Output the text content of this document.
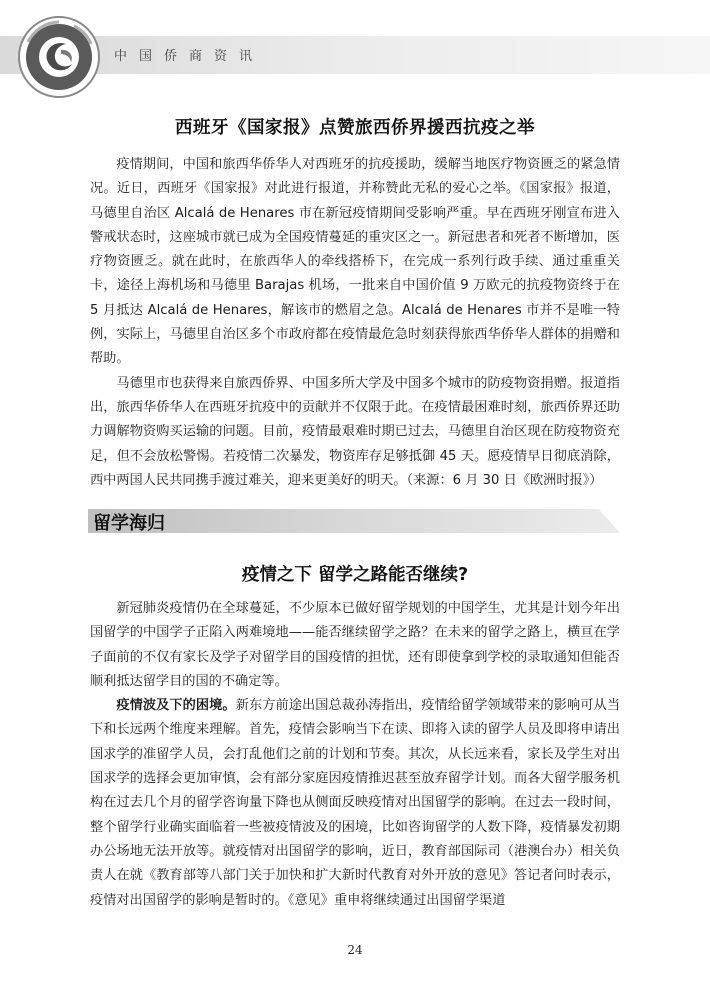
中国侨商资讯
西班牙《国家报》点赞旅西侨界援西抗疫之举

疫情期间，中国和旅西华侨华人对西班牙的抗疫援助，缓解当地医疗物资匮乏的紧急情况。近日，西班牙《国家报》对此进行报道，并称赞此无私的爱心之举。《国家报》报道，马德里自治区 Alcalá de Henares 市在新冠疫情期间受影响严重。早在西班牙刚宣布进入警戒状态时，这座城市就已成为全国疫情蔓延的重灾区之一。新冠患者和死者不断增加，医疗物资匮乏。就在此时，在旅西华人的牵线搭桥下，在完成一系列行政手续、通过重重关卡，途径上海机场和马德里 Barajas 机场，一批来自中国价值 9 万欧元的抗疫物资终于在 5 月抵达 Alcalá de Henares，解该市的燃眉之急。Alcalá de Henares 市并不是唯一特例，实际上，马德里自治区多个市政府都在疫情最危急时刻获得旅西华侨华人群体的捐赠和帮助。

马德里市也获得来自旅西侨界、中国多所大学及中国多个城市的防疫物资捐赠。报道指出，旅西华侨华人在西班牙抗疫中的贡献并不仅限于此。在疫情最困难时刻，旅西侨界还助力调解物资购买运输的问题。目前，疫情最艰难时期已过去，马德里自治区现在防疫物资充足，但不会放松警惕。若疫情二次暴发，物资库存足够抵御 45 天。愿疫情早日彻底消除，西中两国人民共同携手渡过难关，迎来更美好的明天。（来源：6 月 30 日《欧洲时报》）

留学海归
疫情之下 留学之路能否继续?

新冠肺炎疫情仍在全球蔓延，不少原本已做好留学规划的中国学生，尤其是计划今年出国留学的中国学子正陷入两难境地——能否继续留学之路？在未来的留学之路上，横亘在学子面前的不仅有家长及学子对留学目的国疫情的担忧，还有即使拿到学校的录取通知但能否顺利抵达留学目的国的不确定等。

疫情波及下的困境。新东方前途出国总裁孙涛指出，疫情给留学领域带来的影响可从当下和长远两个维度来理解。首先，疫情会影响当下在读、即将入读的留学人员及即将申请出国求学的准留学人员，会打乱他们之前的计划和节奏。其次，从长远来看，家长及学生对出国求学的选择会更加审慎，会有部分家庭因疫情推迟甚至放弃留学计划。而各大留学服务机构在过去几个月的留学咨询量下降也从侧面反映疫情对出国留学的影响。在过去一段时间，整个留学行业确实面临着一些被疫情波及的困境，比如咨询留学的人数下降，疫情暴发初期办公场地无法开放等。就疫情对出国留学的影响，近日，教育部国际司（港澳台办）相关负责人在就《教育部等八部门关于加快和扩大新时代教育对外开放的意见》答记者问时表示，疫情对出国留学的影响是暂时的。《意见》重申将继续通过出国留学渠道

24
